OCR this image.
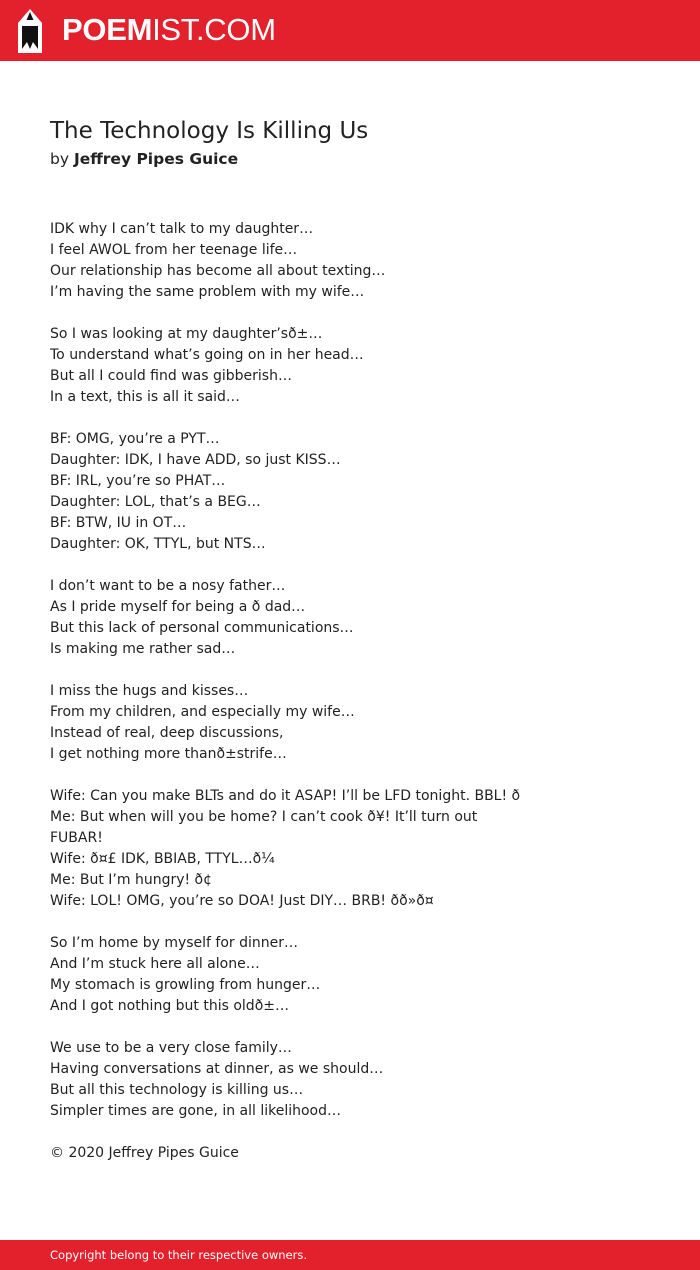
POEMIST.COM
The Technology Is Killing Us
by Jeffrey Pipes Guice
IDK why I can’t talk to my daughter…
I feel AWOL from her teenage life…
Our relationship has become all about texting…
I’m having the same problem with my wife…
So I was looking at my daughter’sð±…
To understand what’s going on in her head…
But all I could find was gibberish…
In a text, this is all it said…
BF: OMG, you’re a PYT…
Daughter: IDK, I have ADD, so just KISS…
BF: IRL, you’re so PHAT…
Daughter: LOL, that’s a BEG…
BF: BTW, IU in OT…
Daughter: OK, TTYL, but NTS…
I don’t want to be a nosy father…
As I pride myself for being a ð dad…
But this lack of personal communications…
Is making me rather sad…
I miss the hugs and kisses…
From my children, and especially my wife…
Instead of real, deep discussions,
I get nothing more thanð±strife…
Wife: Can you make BLTs and do it ASAP! I’ll be LFD tonight. BBL! ð
Me: But when will you be home? I can’t cook ð¥! It’ll turn out
FUBAR!
Wife: ð¤£ IDK, BBIAB, TTYL…ð¼
Me: But I’m hungry! ð¢
Wife: LOL! OMG, you’re so DOA! Just DIY… BRB! ðð»ð¤
So I’m home by myself for dinner…
And I’m stuck here all alone…
My stomach is growling from hunger…
And I got nothing but this oldð±…
We use to be a very close family…
Having conversations at dinner, as we should…
But all this technology is killing us…
Simpler times are gone, in all likelihood…
© 2020 Jeffrey Pipes Guice
Copyright belong to their respective owners.
